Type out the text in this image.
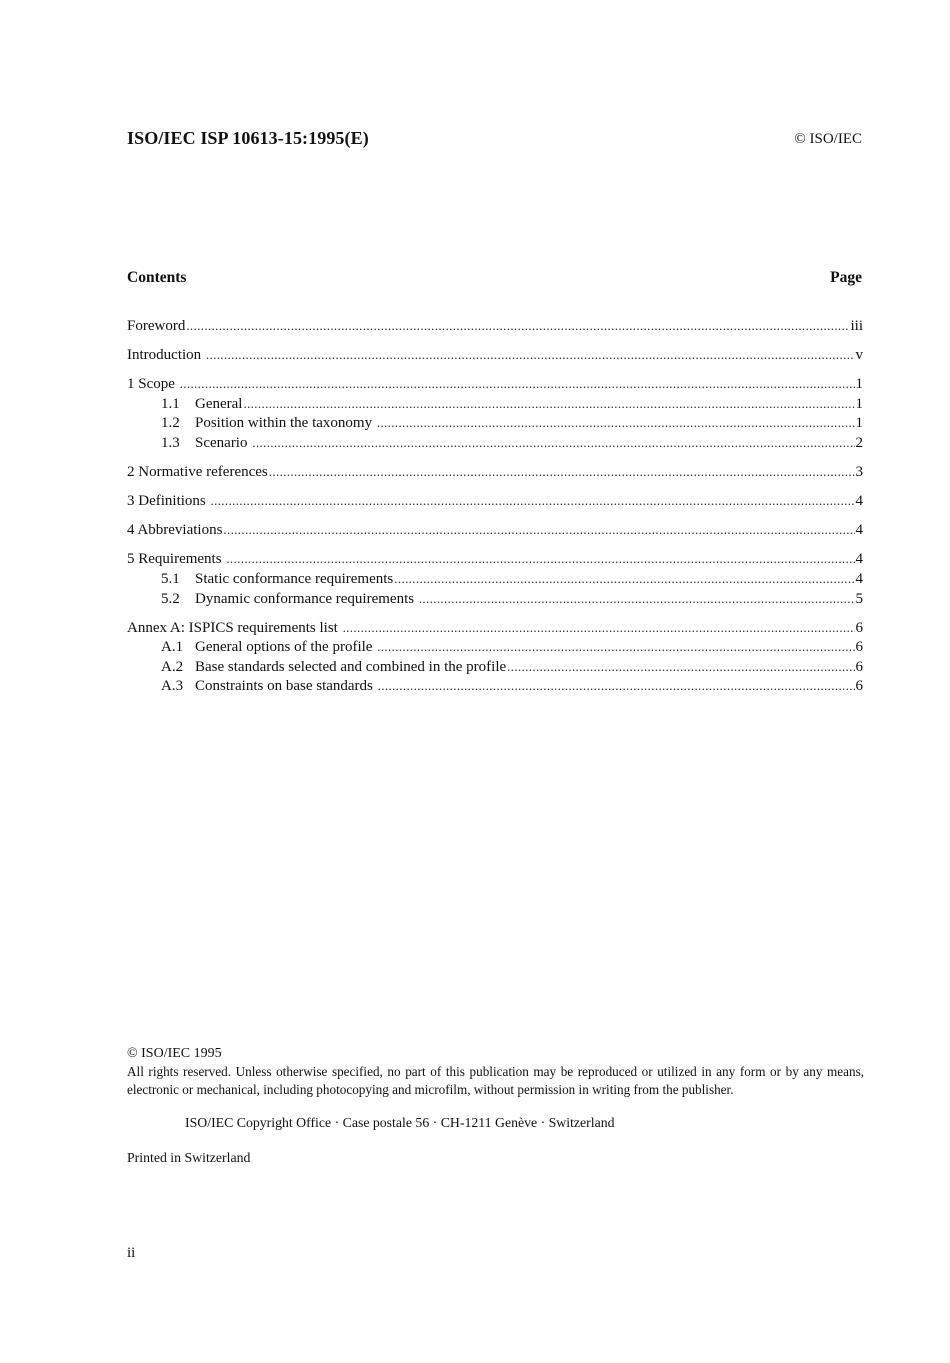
ISO/IEC ISP 10613-15:1995(E)	© ISO/IEC
Contents	Page
Foreword .....	iii
Introduction .....	v
1 Scope .....	1
1.1	General .....	1
1.2	Position within the taxonomy .....	1
1.3	Scenario .....	2
2 Normative references .....	3
3 Definitions .....	4
4 Abbreviations .....	4
5 Requirements .....	4
5.1	Static conformance requirements .....	4
5.2	Dynamic conformance requirements .....	5
Annex A: ISPICS requirements list .....	6
A.1 General options of the profile .....	6
A.2 Base standards selected and combined in the profile .....	6
A.3 Constraints on base standards .....	6
© ISO/IEC 1995
All rights reserved. Unless otherwise specified, no part of this publication may be reproduced or utilized in any form or by any means, electronic or mechanical, including photocopying and microfilm, without permission in writing from the publisher.
ISO/IEC Copyright Office · Case postale 56 · CH-1211 Genève · Switzerland
Printed in Switzerland
ii
